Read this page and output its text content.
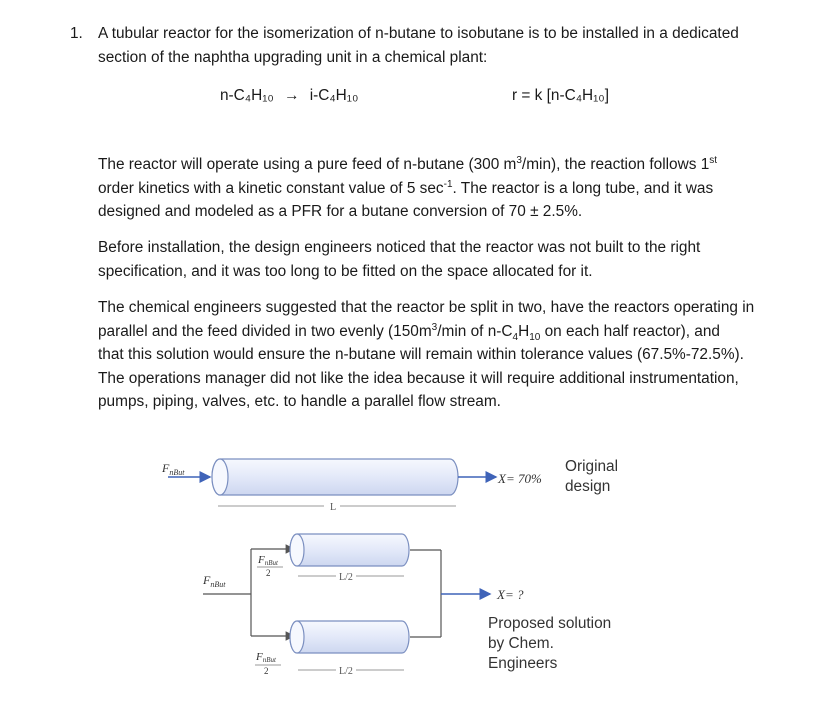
1. A tubular reactor for the isomerization of n-butane to isobutane is to be installed in a dedicated
section of the naphtha upgrading unit in a chemical plant:
n-C₄H₁₀ → i-C₄H₁₀	r = k [n-C₄H₁₀]
The reactor will operate using a pure feed of n-butane (300 $m^3/\min$), the reaction follows 1st
order kinetics with a kinetic constant value of 5 $\sec^{-1}$. The reactor is a long tube, and it was
designed and modeled as a PFR for a butane conversion of 70 ± 2.5%.
Before installation, the design engineers noticed that the reactor was not built to the right
specification, and it was too long to be fitted on the space allocated for it.
The chemical engineers suggested that the reactor be split in two, have the reactors operating in
parallel and the feed divided in two evenly ($150m^3/\min$ of $n-C_4H_{10}$ on each half reactor), and
that this solution would ensure the n-butane will remain within tolerance values (67.5%-72.5%).
The operations manager did not like the idea because it will require additional instrumentation,
pumps, piping, valves, etc. to handle a parallel flow stream.
$F_{nBut}$	X= 70%
L
$F_{nBut}$
FnBut
2
FnBut
2
L/2
L/2
X= ?
Original
design
Proposed solution
by Chem.
Engineers
